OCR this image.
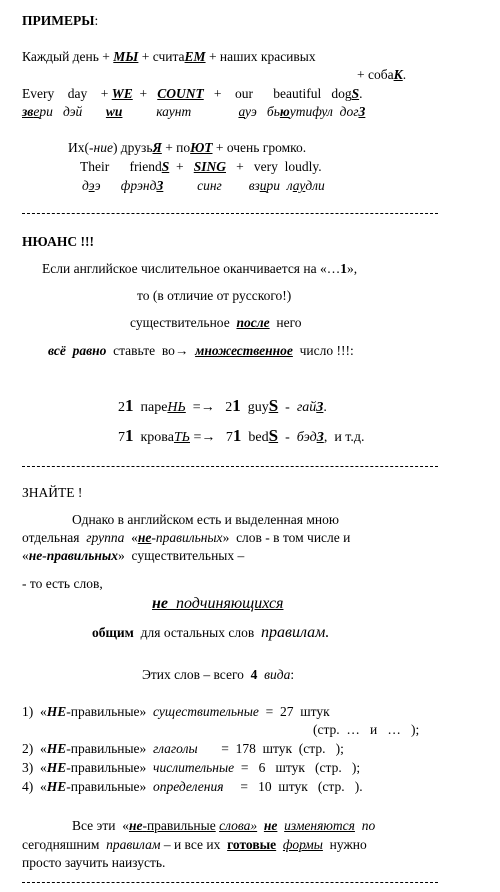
ПРИМЕРЫ:
Каждый день + МЫ + считаЕМ + наших красивых
+ собаК.
Every    day    + WE  +   COUNT   +    our      beautiful   dogS.
звери   дэй       wи          каунт	ауэ   бьюутифул  догЗ
Их(-ние) друзьЯ + поЮТ + очень громко.
Their      friendS  +   SING   +   very  loudly.
дээ      фрэндЗ          синг        взири  лаудли
НЮАНС !!!
Если английское числительное оканчивается на «…1»,
то (в отличие от русского!)
существительное  после  него
всё  равно  ставьте  во→  множественное  число !!!:
21  пареНЬ  =→   21  guyS  -  гайЗ.
71  кроваТЬ =→   71  bedS  -  бэдЗ,  и т.д.
ЗНАЙТЕ !
Однако в английском есть и выделенная мною
отдельная  группа  «не-правильных»  слов - в том числе и
«не-правильных»  существительных –
- то есть слов,
не  подчиняющихся
общим  для остальных слов  правилам.
Этих слов – всего  4 вида:
1)  «НЕ-правильные»  существительные  =  27  штук
(стр.  …   и   …   );
2)  «НЕ-правильные»  глаголы       =  178  штук  (стр.   );
3)  «НЕ-правильные»  числительные  =   6   штук   (стр.   );
4)  «НЕ-правильные»  определения     =   10  штук   (стр.   ).
Все эти  «не-правильные слова» не изменяются  по
сегодняшним  правилам – и все их  готовые формы  нужно
просто заучить наизусть.
